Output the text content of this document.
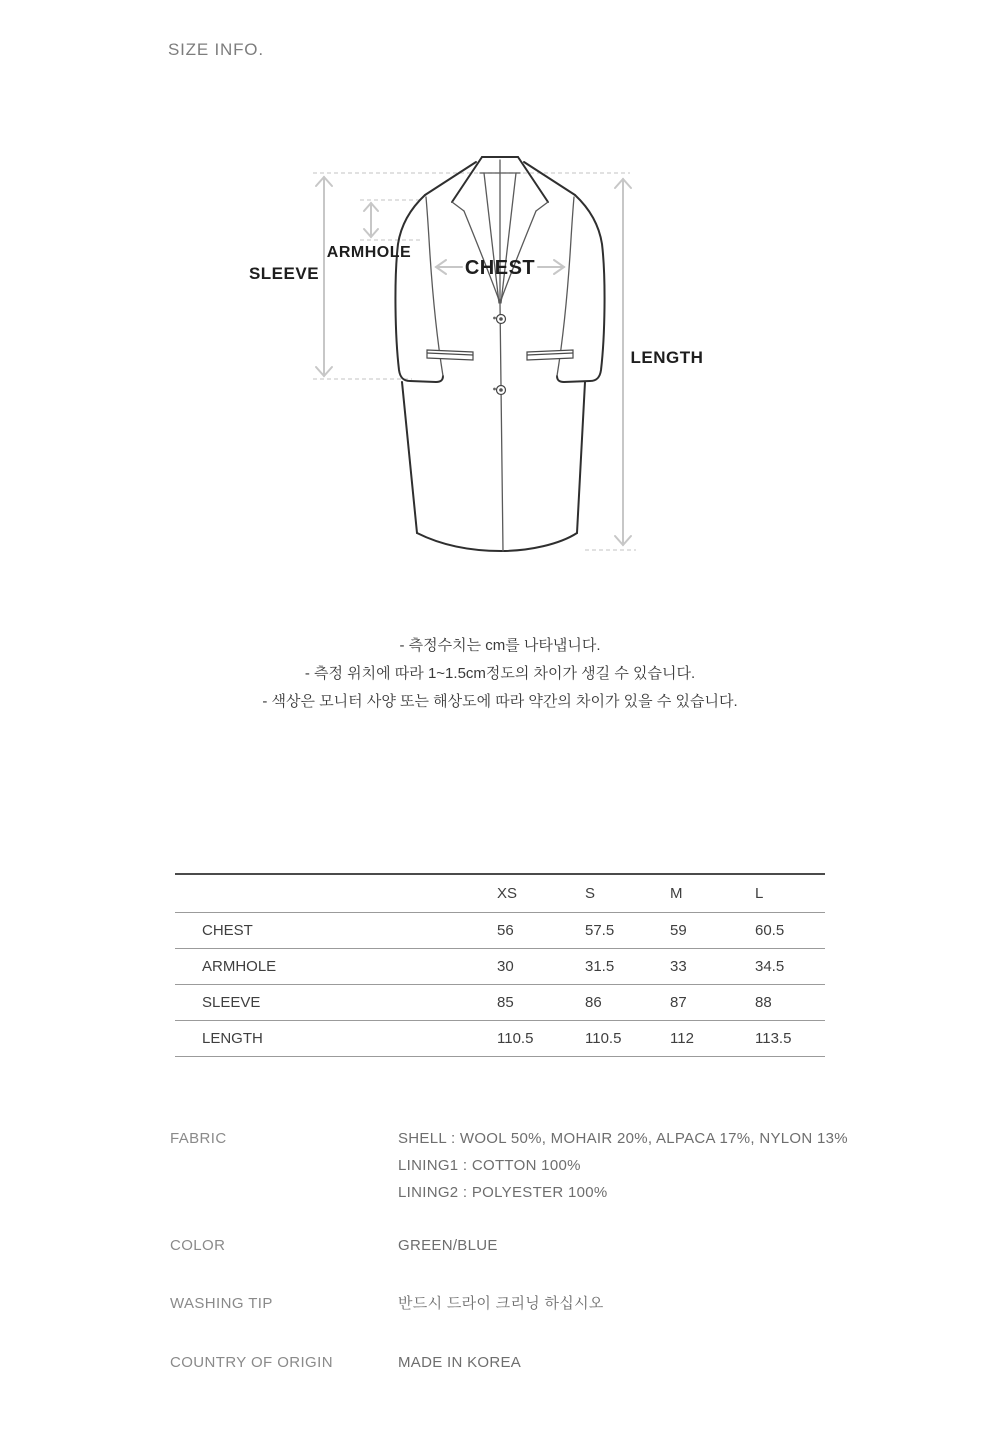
SIZE INFO.
SLEEVE
ARMHOLE
CHEST
LENGTH
- 측정수치는 cm를 나타냅니다.
- 측정 위치에 따라 1~1.5cm정도의 차이가 생길 수 있습니다.
- 색상은 모니터 사양 또는 해상도에 따라 약간의 차이가 있을 수 있습니다.
	XS	S	M	L
CHEST	56	57.5	59	60.5
ARMHOLE	30	31.5	33	34.5
SLEEVE	85	86	87	88
LENGTH	110.5	110.5	112	113.5
FABRIC	SHELL : WOOL 50%, MOHAIR 20%, ALPACA 17%, NYLON 13%
LINING1 : COTTON 100%
LINING2 : POLYESTER 100%
COLOR	GREEN/BLUE
WASHING TIP	반드시 드라이 크리닝 하십시오
COUNTRY OF ORIGIN	MADE IN KOREA
